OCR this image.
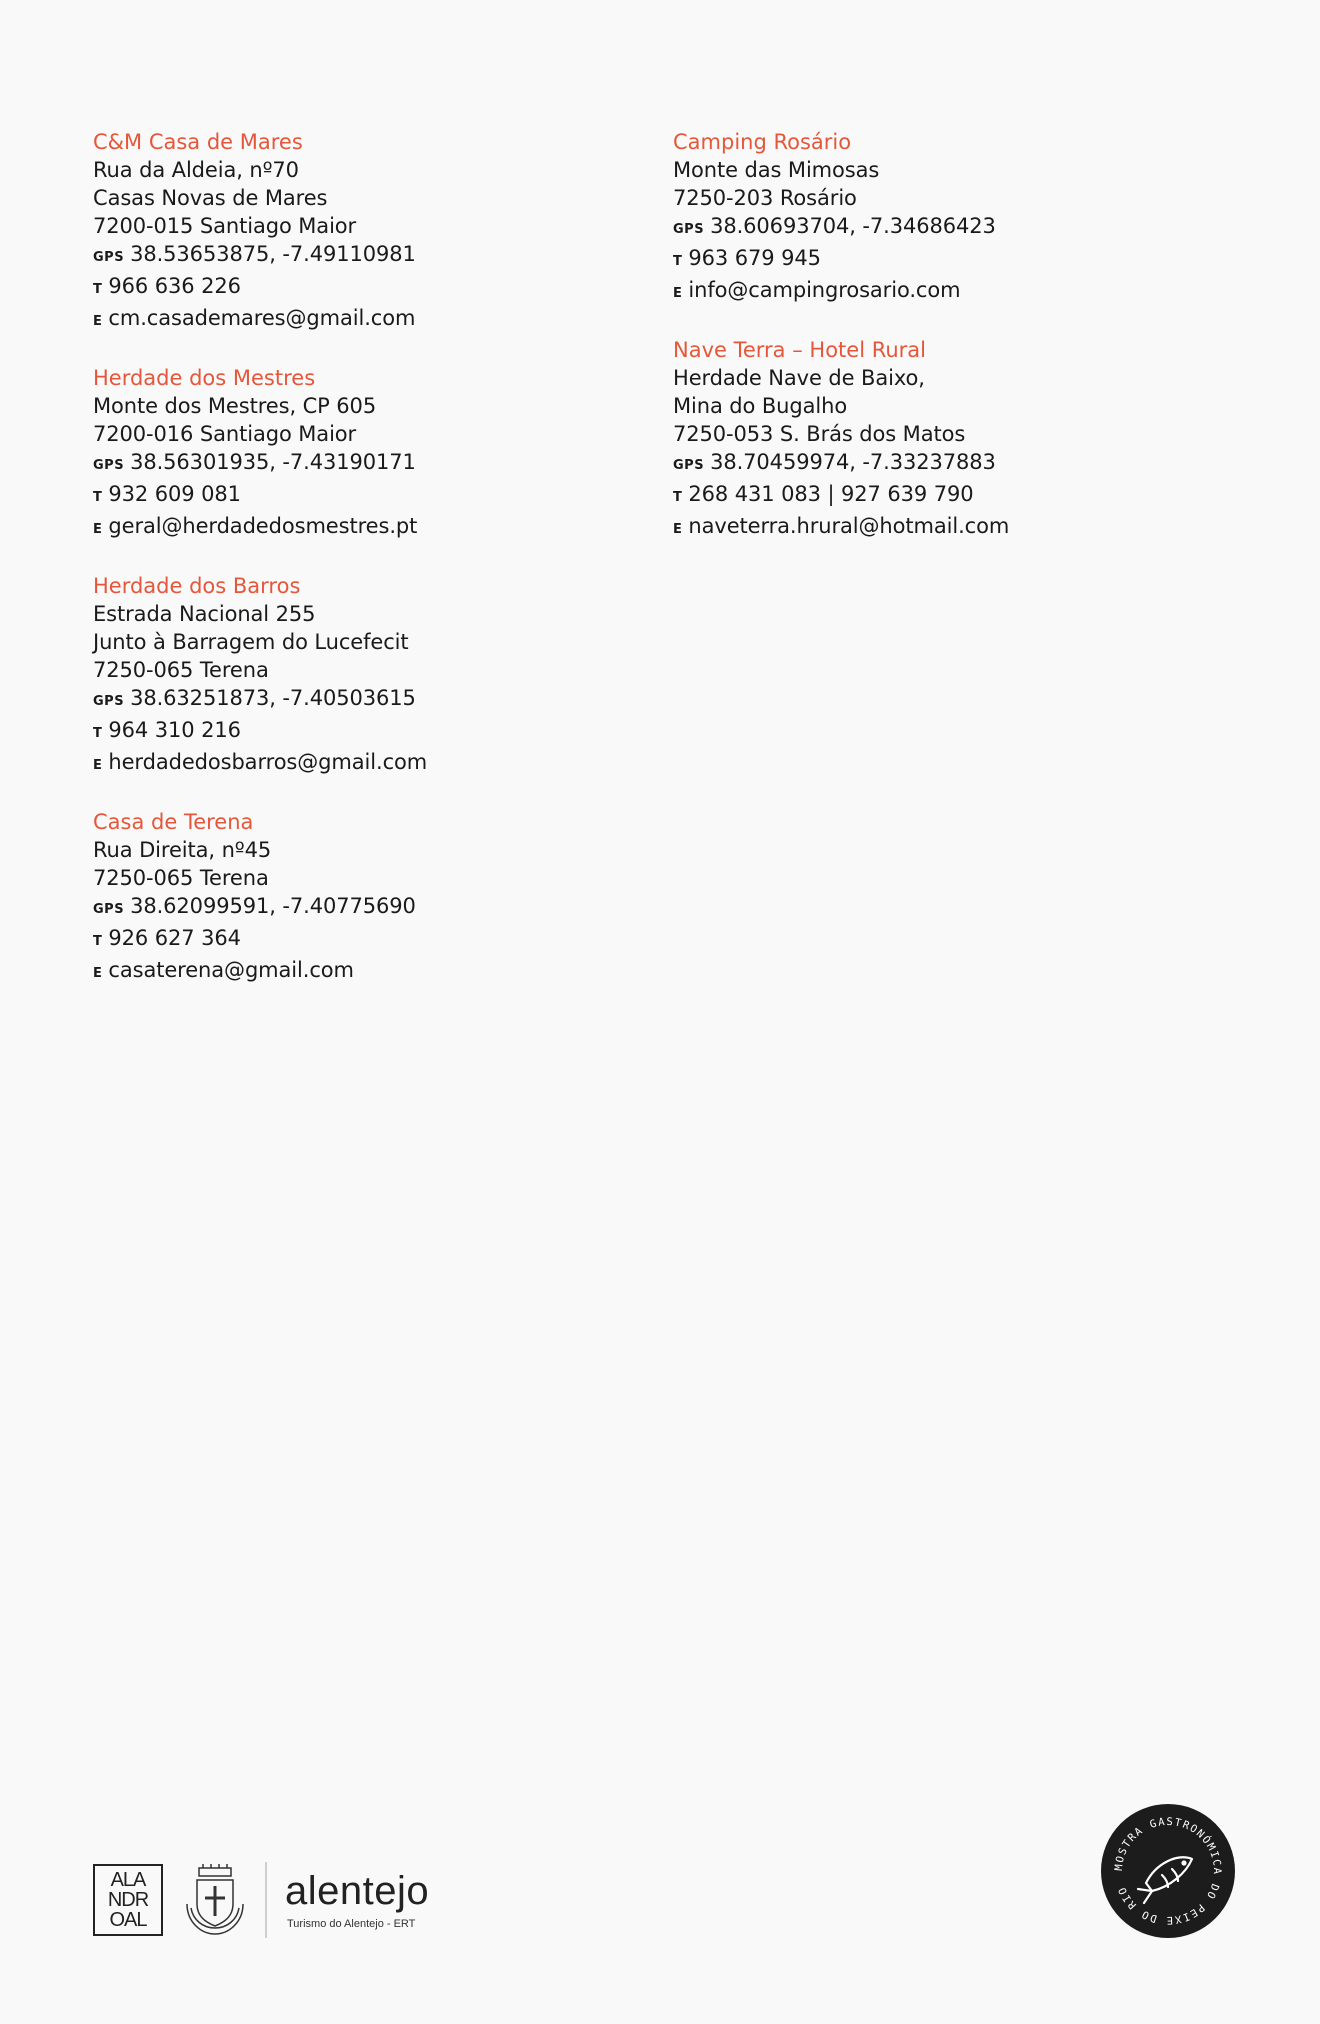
C&M Casa de Mares
Rua da Aldeia, nº70
Casas Novas de Mares
7200-015 Santiago Maior
GPS 38.53653875, -7.49110981
T 966 636 226
E cm.casademares@gmail.com
Herdade dos Mestres
Monte dos Mestres, CP 605
7200-016 Santiago Maior
GPS 38.56301935, -7.43190171
T 932 609 081
E geral@herdadedosmestres.pt
Herdade dos Barros
Estrada Nacional 255
Junto à Barragem do Lucefecit
7250-065 Terena
GPS 38.63251873, -7.40503615
T 964 310 216
E herdadedosbarros@gmail.com
Casa de Terena
Rua Direita, nº45
7250-065 Terena
GPS 38.62099591, -7.40775690
T 926 627 364
E casaterena@gmail.com
Camping Rosário
Monte das Mimosas
7250-203 Rosário
GPS 38.60693704, -7.34686423
T 963 679 945
E info@campingrosario.com
Nave Terra – Hotel Rural
Herdade Nave de Baixo,
Mina do Bugalho
7250-053 S. Brás dos Matos
GPS 38.70459974, -7.33237883
T 268 431 083 | 927 639 790
E naveterra.hrural@hotmail.com
ALA
NDR
OAL
alentejo
Turismo do Alentejo - ERT
MOSTRA GASTRONÓMICA DO PEIXE DO RIO
